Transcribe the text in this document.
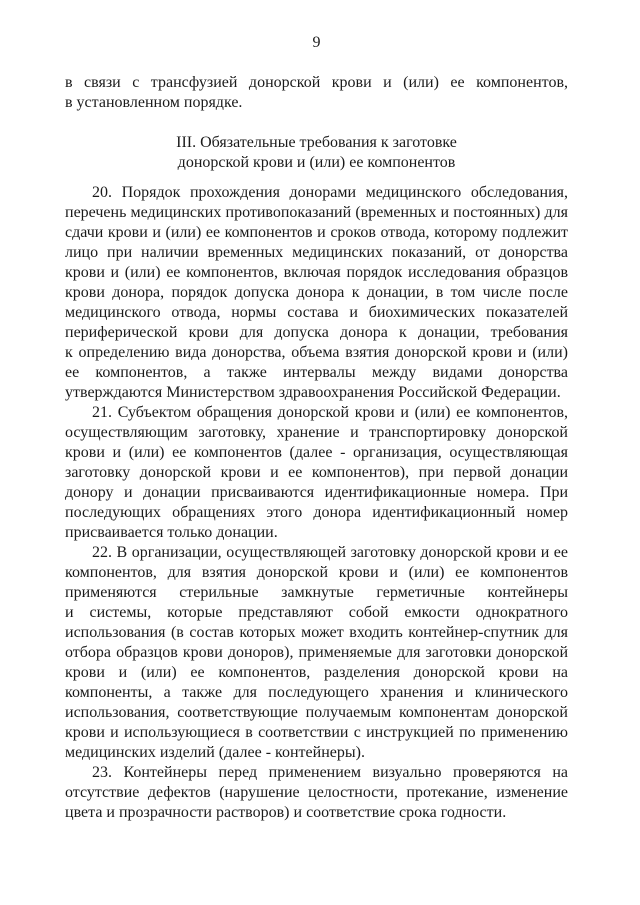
9

в связи с трансфузией донорской крови и (или) ее компонентов, в установленном порядке.

III. Обязательные требования к заготовке
донорской крови и (или) ее компонентов

20. Порядок прохождения донорами медицинского обследования, перечень медицинских противопоказаний (временных и постоянных) для сдачи крови и (или) ее компонентов и сроков отвода, которому подлежит лицо при наличии временных медицинских показаний, от донорства крови и (или) ее компонентов, включая порядок исследования образцов крови донора, порядок допуска донора к донации, в том числе после медицинского отвода, нормы состава и биохимических показателей периферической крови для допуска донора к донации, требования к определению вида донорства, объема взятия донорской крови и (или) ее компонентов, а также интервалы между видами донорства утверждаются Министерством здравоохранения Российской Федерации.

21. Субъектом обращения донорской крови и (или) ее компонентов, осуществляющим заготовку, хранение и транспортировку донорской крови и (или) ее компонентов (далее - организация, осуществляющая заготовку донорской крови и ее компонентов), при первой донации донору и донации присваиваются идентификационные номера. При последующих обращениях этого донора идентификационный номер присваивается только донации.

22. В организации, осуществляющей заготовку донорской крови и ее компонентов, для взятия донорской крови и (или) ее компонентов применяются стерильные замкнутые герметичные контейнеры и системы, которые представляют собой емкости однократного использования (в состав которых может входить контейнер-спутник для отбора образцов крови доноров), применяемые для заготовки донорской крови и (или) ее компонентов, разделения донорской крови на компоненты, а также для последующего хранения и клинического использования, соответствующие получаемым компонентам донорской крови и использующиеся в соответствии с инструкцией по применению медицинских изделий (далее - контейнеры).

23. Контейнеры перед применением визуально проверяются на отсутствие дефектов (нарушение целостности, протекание, изменение цвета и прозрачности растворов) и соответствие срока годности.
